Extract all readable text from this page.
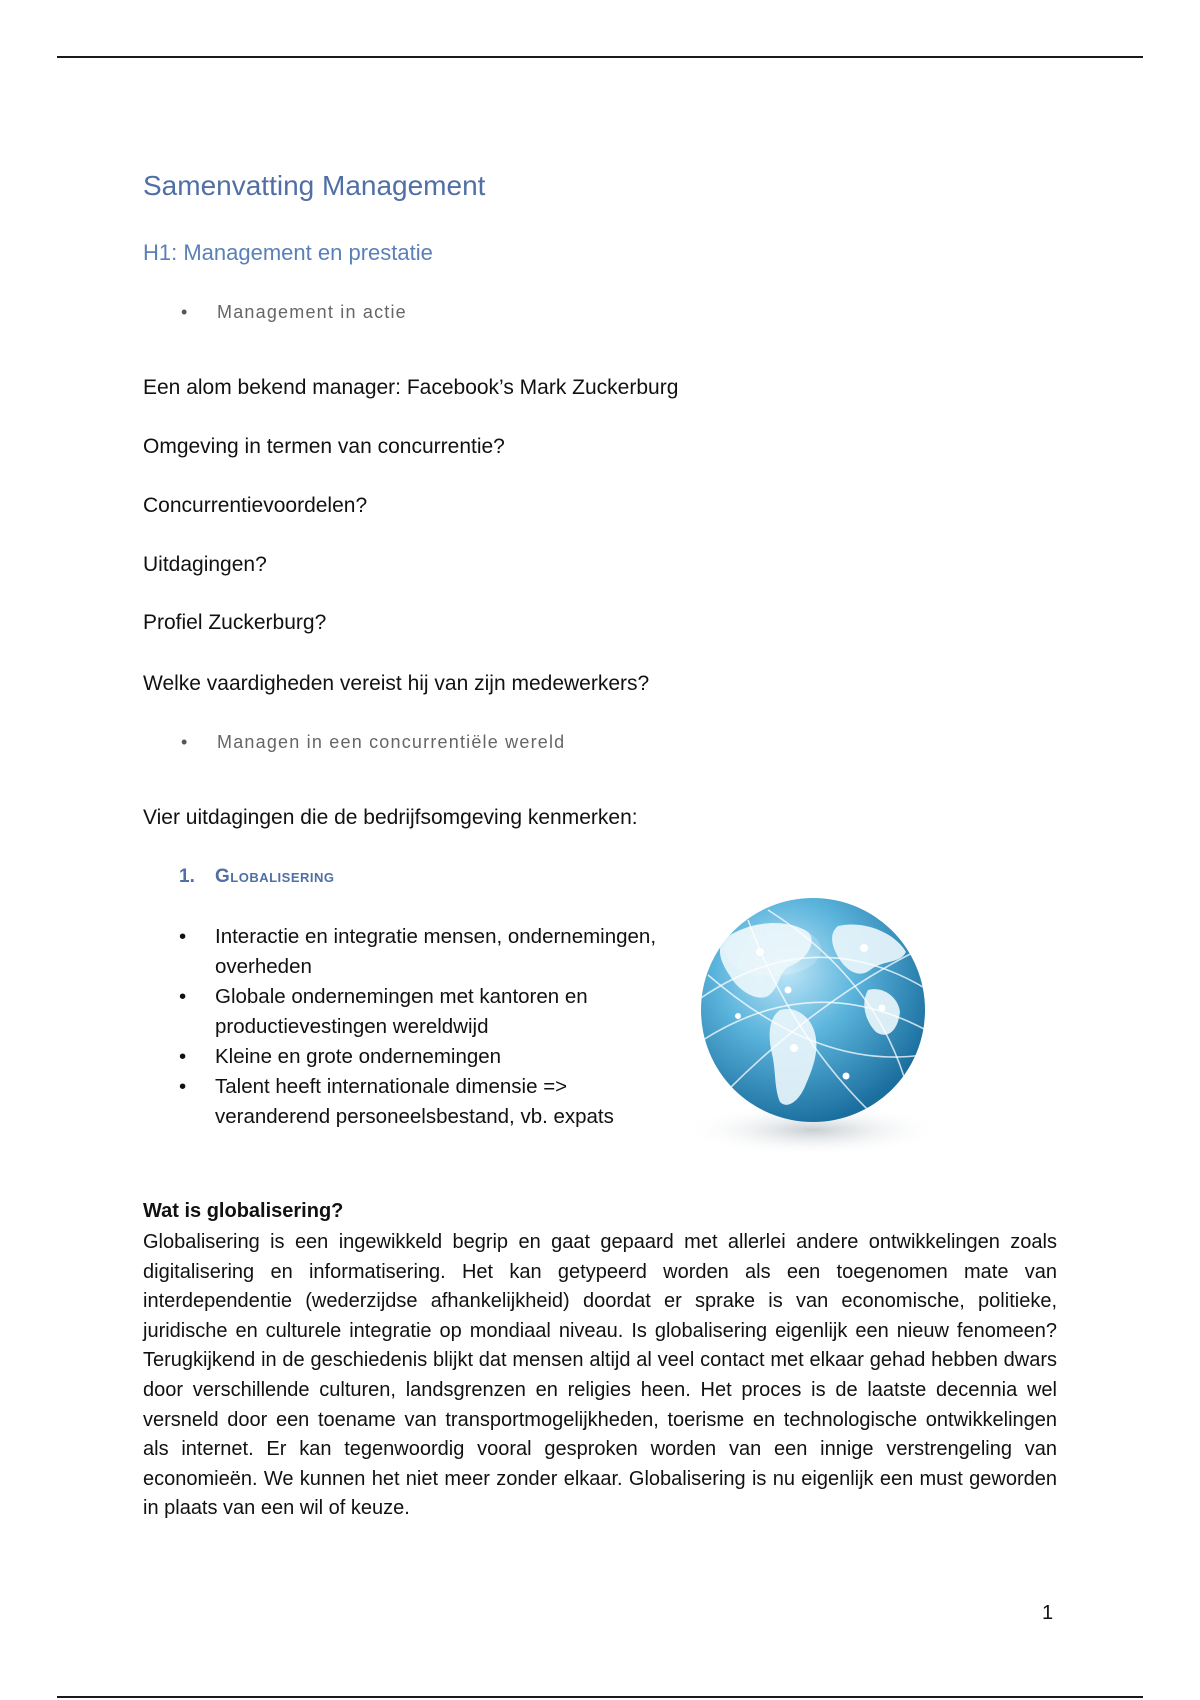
Samenvatting Management
H1: Management en prestatie
• Management in actie
Een alom bekend manager: Facebook’s Mark Zuckerburg
Omgeving in termen van concurrentie?
Concurrentievoordelen?
Uitdagingen?
Profiel Zuckerburg?
Welke vaardigheden vereist hij van zijn medewerkers?
• Managen in een concurrentiële wereld
Vier uitdagingen die de bedrijfsomgeving kenmerken:
1. Globalisering
• Interactie en integratie mensen, ondernemingen, overheden
• Globale ondernemingen met kantoren en productievestingen wereldwijd
• Kleine en grote ondernemingen
• Talent heeft internationale dimensie => veranderend personeelsbestand, vb. expats
Wat is globalisering?

Globalisering is een ingewikkeld begrip en gaat gepaard met allerlei andere ontwikkelingen zoals digitalisering en informatisering. Het kan getypeerd worden als een toegenomen mate van interdependentie (wederzijdse afhankelijkheid) doordat er sprake is van economische, politieke, juridische en culturele integratie op mondiaal niveau. Is globalisering eigenlijk een nieuw fenomeen? Terugkijkend in de geschiedenis blijkt dat mensen altijd al veel contact met elkaar gehad hebben dwars door verschillende culturen, landsgrenzen en religies heen. Het proces is de laatste decennia wel versneld door een toename van transportmogelijkheden, toerisme en technologische ontwikkelingen als internet. Er kan tegenwoordig vooral gesproken worden van een innige verstrengeling van economieën. We kunnen het niet meer zonder elkaar. Globalisering is nu eigenlijk een must geworden in plaats van een wil of keuze.

1
